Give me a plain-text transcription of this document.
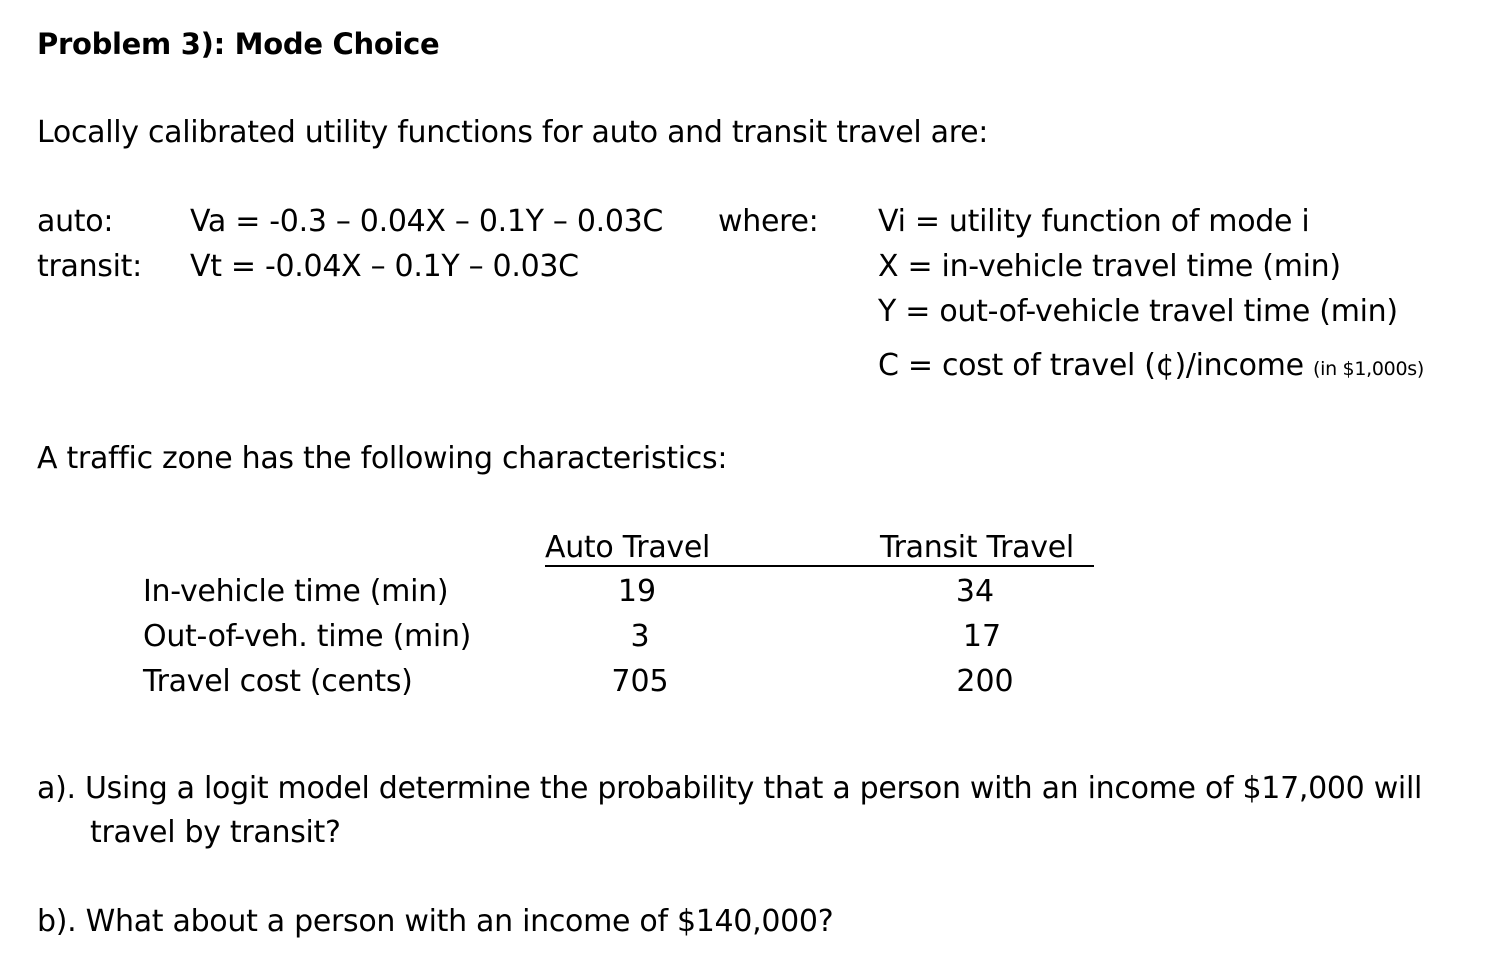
Problem 3): Mode Choice
Locally calibrated utility functions for auto and transit travel are:
auto:	Va = -0.3 – 0.04X – 0.1Y – 0.03C
transit: Vt = -0.04X – 0.1Y – 0.03C
where: Vi = utility function of mode i
X = in-vehicle travel time (min)
Y = out-of-vehicle travel time (min)
C = cost of travel (¢)/income (in $1,000s)
A traffic zone has the following characteristics:
Auto Travel	Transit Travel
In-vehicle time (min)	19	34
Out-of-veh. time (min)	3	17
Travel cost (cents)	705	200
a). Using a logit model determine the probability that a person with an income of $17,000 will
travel by transit?
b). What about a person with an income of $140,000?
